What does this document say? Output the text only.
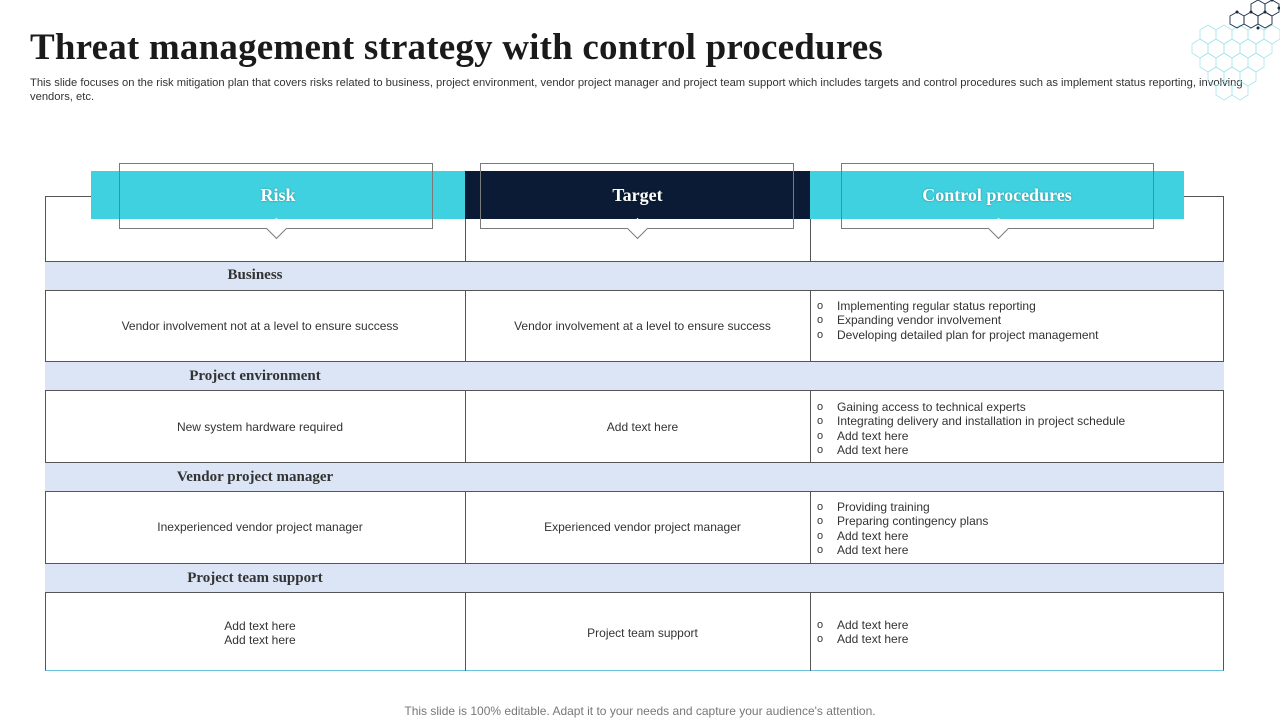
Threat management strategy with control procedures

This slide focuses on the risk mitigation plan that covers risks related to business, project environment, vendor project manager and project team support which includes targets and control procedures such as implement status reporting, involving vendors, etc.

Business
Vendor involvement not at a level to ensure success	Vendor involvement at a level to ensure success
o Implementing regular status reporting
o Expanding vendor involvement
o Developing detailed plan for project management
Project environment
New system hardware required	Add text here
o Gaining access to technical experts
o Integrating delivery and installation in project schedule
o Add text here
o Add text here
Vendor project manager
Inexperienced vendor project manager	Experienced vendor project manager
o Providing training
o Preparing contingency plans
o Add text here
o Add text here
Project team support
Add text here
Add text here	Project team support
o Add text here
o Add text here
Risk	Target	Control procedures
This slide is 100% editable. Adapt it to your needs and capture your audience's attention.
